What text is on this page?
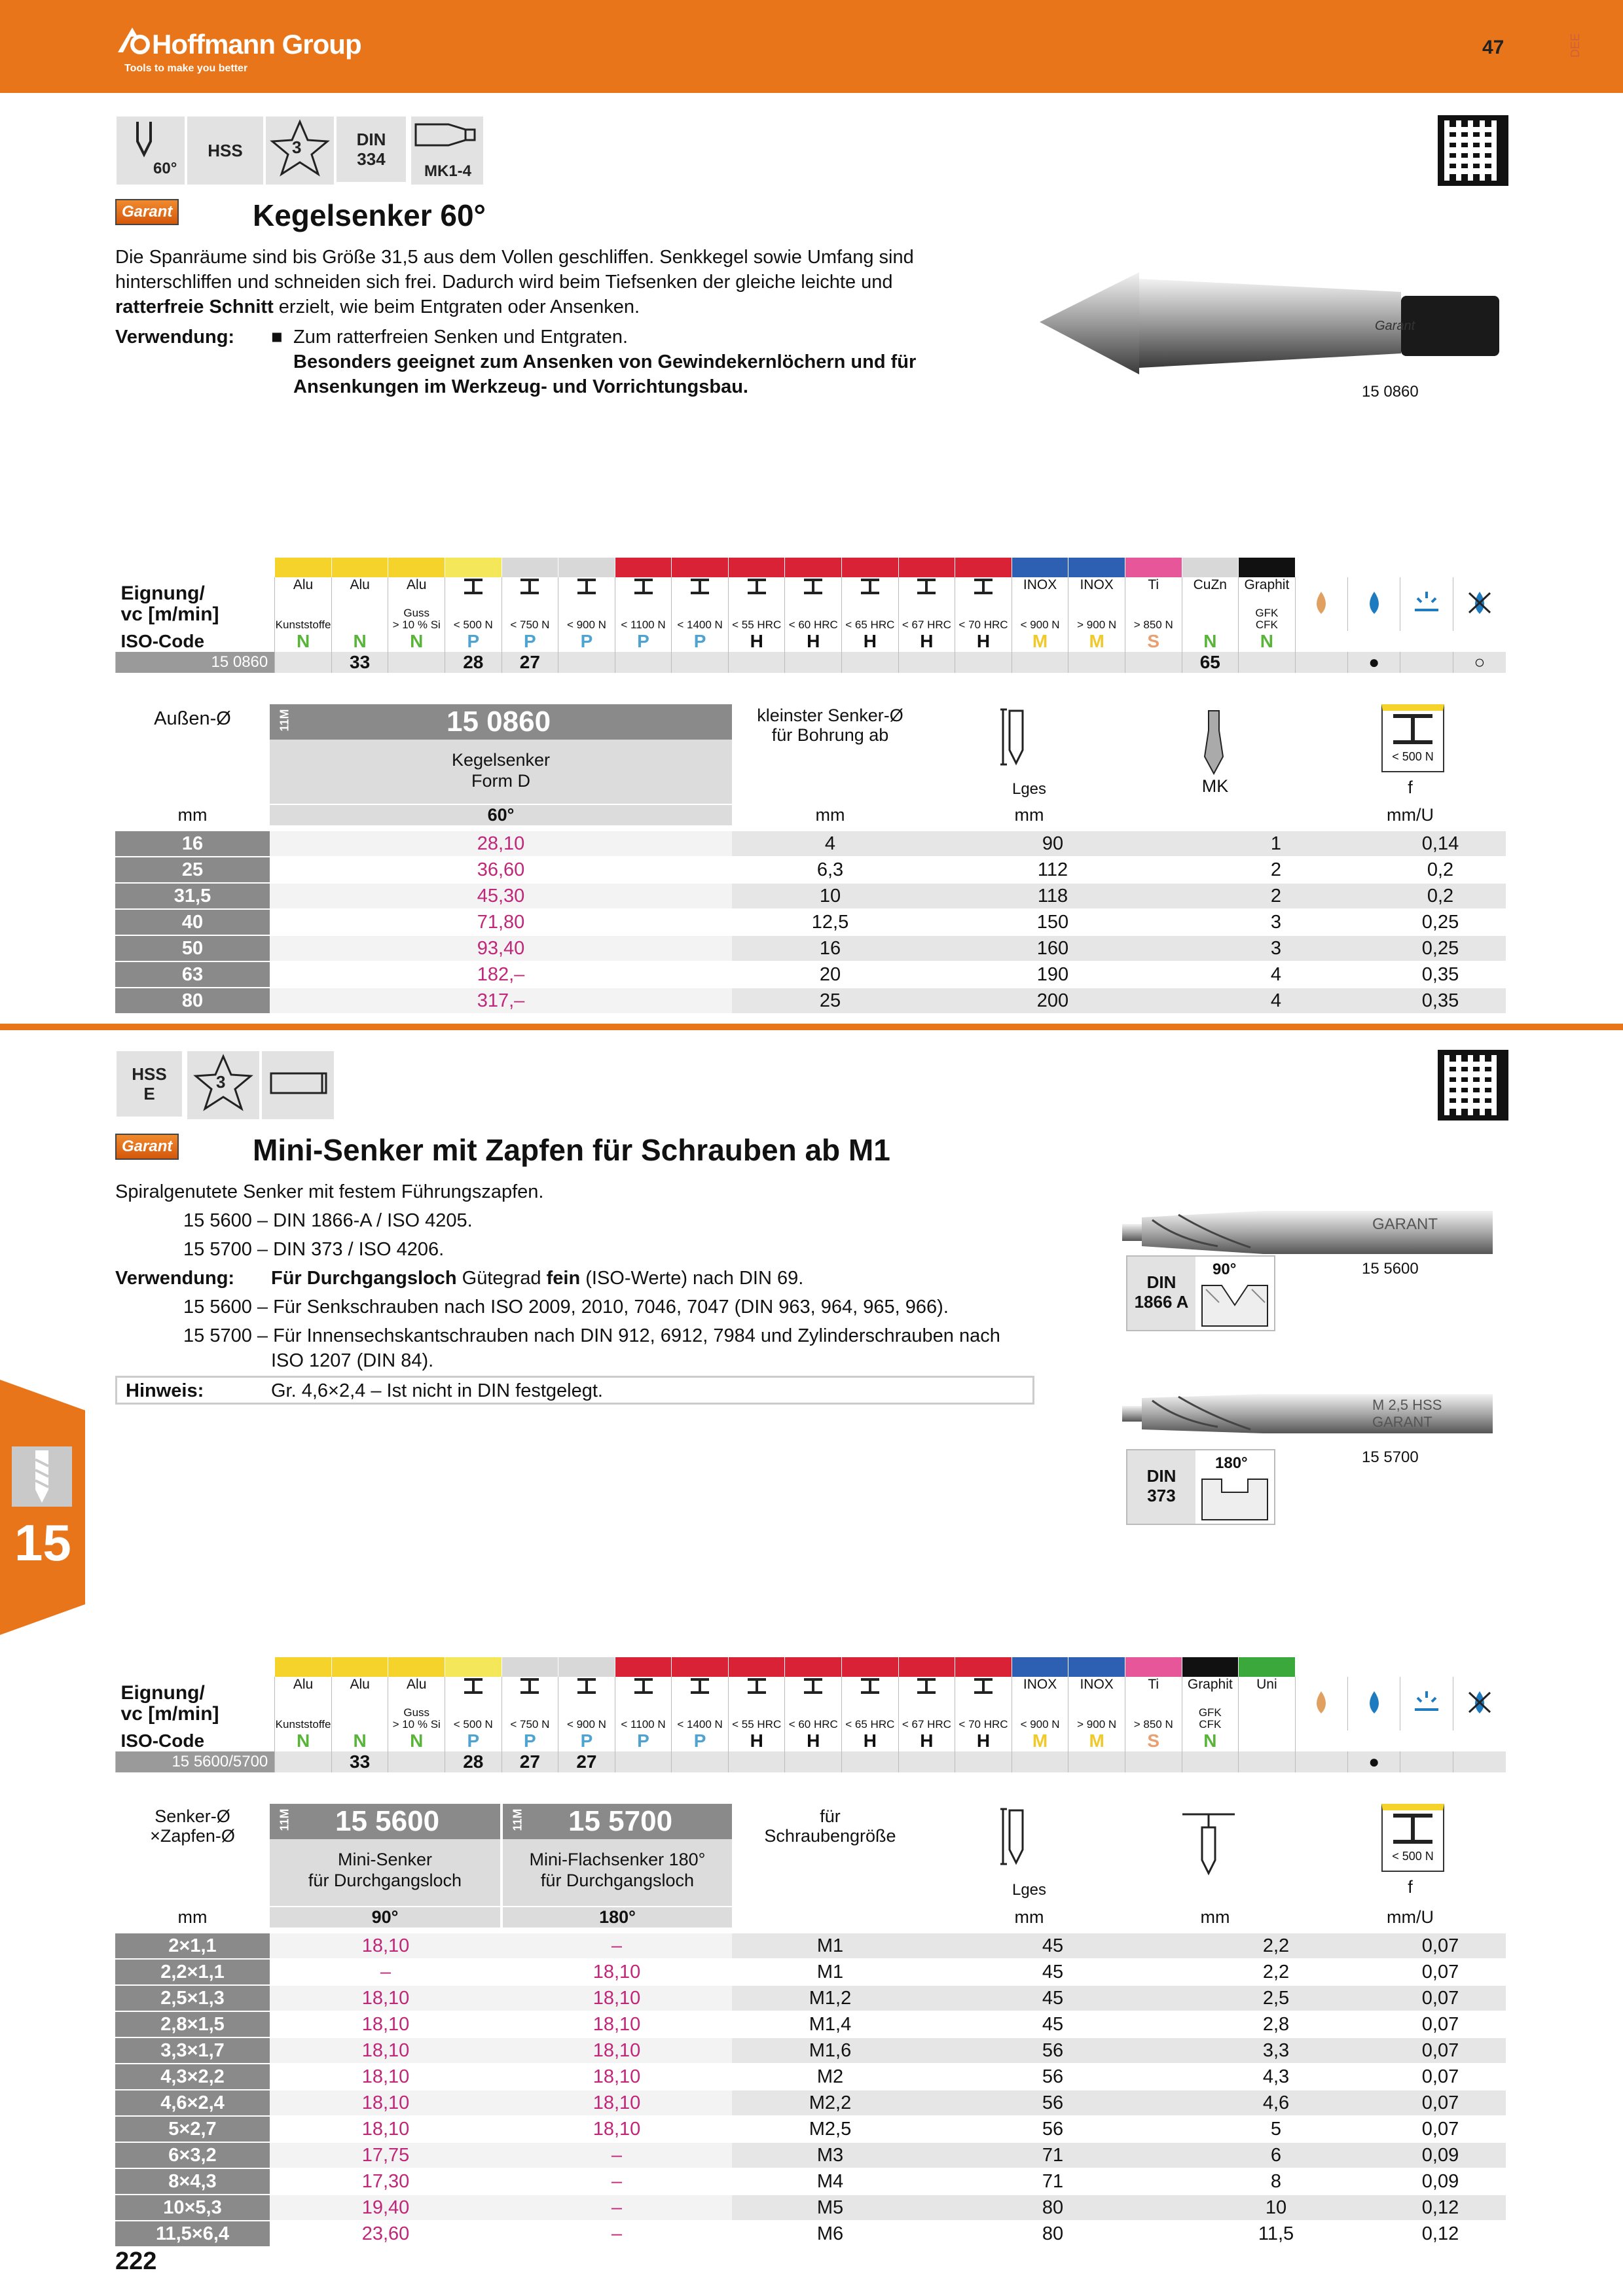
Hoffmann Group
Tools to make you better
47	DEE
15
60°
HSS	3	DIN
334
MK1-4
Garant	Kegelsenker 60°
Die Spanräume sind bis Größe 31,5 aus dem Vollen geschliffen. Senkkegel sowie Umfang sind hinterschliffen und schneiden sich frei. Dadurch wird beim Tiefsenken der gleiche leichte und
ratterfreie Schnitt erzielt, wie beim Entgraten oder Ansenken.
Verwendung: ■ Zum ratterfreien Senken und Entgraten.
Besonders geeignet zum Ansenken von Gewindekernlöchern und für
Ansenkungen im Werkzeug- und Vorrichtungsbau.
Garant
15 0860

Eignung/
vc [m/min]	Alu	Alu	Alu											INOX	INOX	Ti	CuZn	Graphit				
	Kunststoffe		Guss
> 10 % Si	< 500 N	< 750 N	< 900 N	< 1100 N	< 1400 N	< 55 HRC	< 60 HRC	< 65 HRC	< 67 HRC	< 70 HRC	< 900 N	> 900 N	> 850 N		GFK
CFK				
ISO-Code	N	N	N	P	P	P	P	P	H	H	H	H	H	M	M	S	N	N				
15 0860		33		28	27												65			●		○
Außen-Ø	11M	15 0860
Kegelsenker
Form D
kleinster Senker-Ø
für Bohrung ab
Lges	MK
< 500 N
f
mm	60°	mm	mm	mm/U
16	28,10	4	90	1	0,14
25	36,60	6,3	112	2	0,2
31,5	45,30	10	118	2	0,2
40	71,80	12,5	150	3	0,25
50	93,40	16	160	3	0,25
63	182,–	20	190	4	0,35
80	317,–	25	200	4	0,35
HSS
E
3
Garant	Mini-Senker mit Zapfen für Schrauben ab M1
Spiralgenutete Senker mit festem Führungszapfen.
15 5600 – DIN 1866-A / ISO 4205.
15 5700 – DIN 373 / ISO 4206.
Verwendung: Für Durchgangsloch Gütegrad fein (ISO-Werte) nach DIN 69.
15 5600 – Für Senkschrauben nach ISO 2009, 2010, 7046, 7047 (DIN 963, 964, 965, 966).
15 5700 – Für Innensechskantschrauben nach DIN 912, 6912, 7984 und Zylinderschrauben nach
ISO 1207 (DIN 84).
Hinweis:	Gr. 4,6×2,4 – Ist nicht in DIN festgelegt.
GARANT
DIN
1866 A
90°	15 5600
M 2,5 HSS
GARANT
DIN
373
180°	15 5700

Eignung/
vc [m/min]	Alu	Alu	Alu											INOX	INOX	Ti	Graphit	Uni				
	Kunststoffe		Guss
> 10 % Si	< 500 N	< 750 N	< 900 N	< 1100 N	< 1400 N	< 55 HRC	< 60 HRC	< 65 HRC	< 67 HRC	< 70 HRC	< 900 N	> 900 N	> 850 N	GFK
CFK					
ISO-Code	N	N	N	P	P	P	P	P	H	H	H	H	H	M	M	S	N					
15 5600/5700		33		28	27	27														●		
Senker-Ø
×Zapfen-Ø
11M 15 5600	11M 15 5700
Mini-Senker
für Durchgangsloch
Mini-Flachsenker 180°
für Durchgangsloch
für
Schraubengröße
Lges
< 500 N
f
mm	90°	180°	mm	mm	mm/U
2×1,1	18,10	–	M1	45	2,2	0,07
2,2×1,1	–	18,10	M1	45	2,2	0,07
2,5×1,3	18,10	18,10	M1,2	45	2,5	0,07
2,8×1,5	18,10	18,10	M1,4	45	2,8	0,07
3,3×1,7	18,10	18,10	M1,6	56	3,3	0,07
4,3×2,2	18,10	18,10	M2	56	4,3	0,07
4,6×2,4	18,10	18,10	M2,2	56	4,6	0,07
5×2,7	18,10	18,10	M2,5	56	5	0,07
6×3,2	17,75	–	M3	71	6	0,09
8×4,3	17,30	–	M4	71	8	0,09
10×5,3	19,40	–	M5	80	10	0,12
11,5×6,4	23,60	–	M6	80	11,5	0,12
222
